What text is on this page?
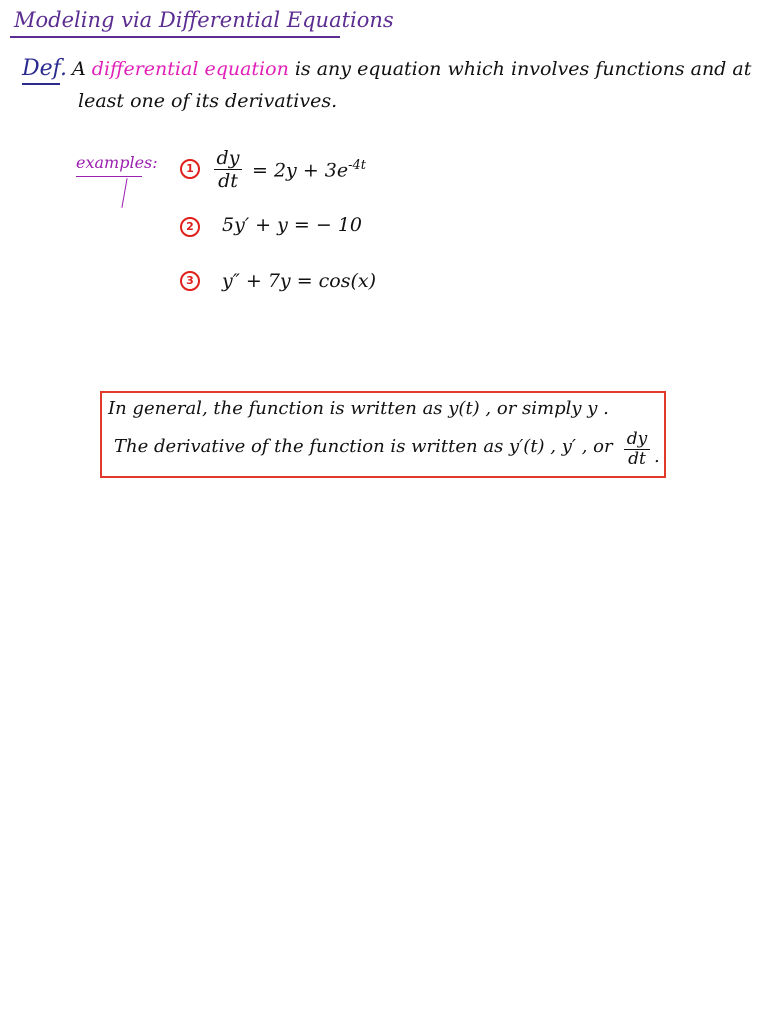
Modeling via Differential Equations
Def. A differential equation is any equation which involves functions and at
least one of its derivatives.
examples:	1	dy
dt = $2y + 3e^{-4t}$
2	5y′ + y = − 10
3	y″ + 7y = cos(x)
In general, the function is written as y(t) , or simply y .
The derivative of the function is written as y′(t) , y′ , or dy
dt .
